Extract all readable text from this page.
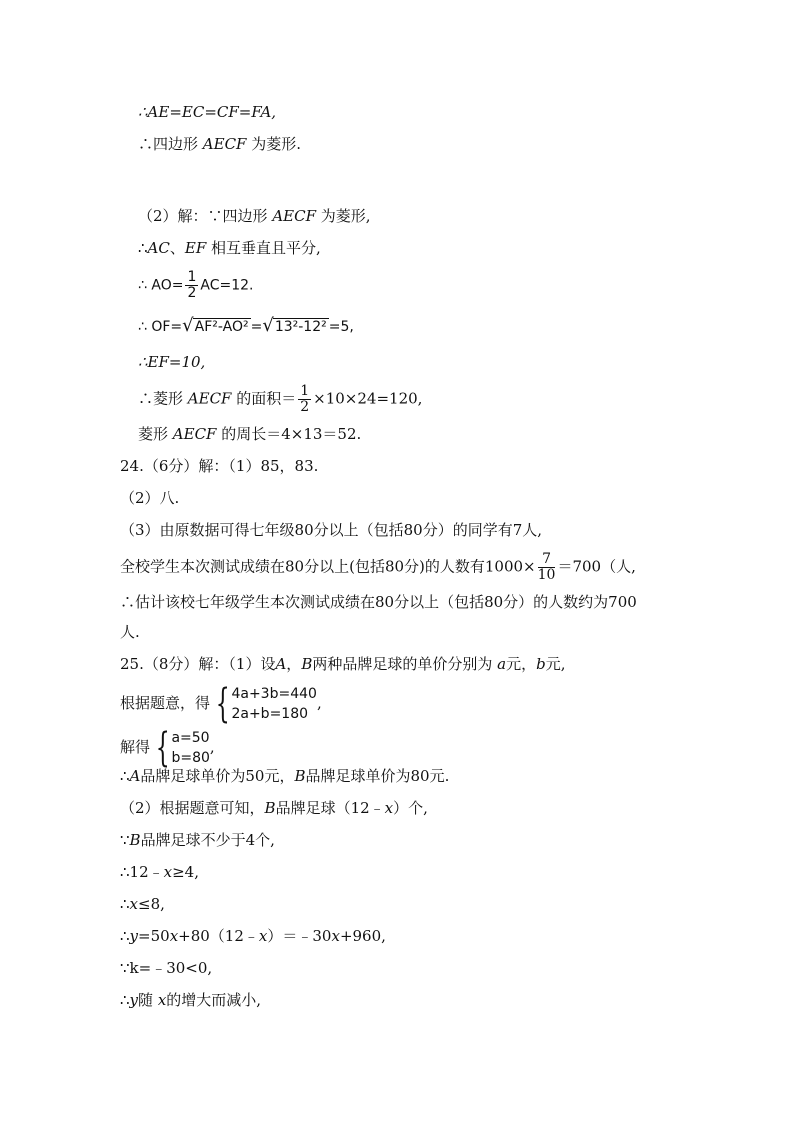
∴AE=EC=CF=FA,
∴四边形 AECF 为菱形.
（2）解：∵四边形 AECF 为菱形,
∴AC、EF 相互垂直且平分,
∴ $AO= \frac{1}{2} AC=12$.
∴ OF=√AF²-AO² =√13²-12² =5,
∴EF=10,
∴菱形 AECF 的面积＝ $\frac{1}{2} \times 10\times 24=120$,
菱形 AECF 的周长＝4×13＝52.
24.（6分）解：（1）85，83.
（2）八.
（3）由原数据可得七年级80分以上（包括80分）的同学有7人,
全校学生本次测试成绩在80分以上(包括80分)的人数有$1000\times \frac{7}{10} =700$（人,
∴估计该校七年级学生本次测试成绩在80分以上（包括80分）的人数约为700
人.
25.（8分）解：（1）设A，B两种品牌足球的单价分别为 a元，b元,
根据题意，得 { 4a+3b=440
2a+b=180
,
解得 { a=50
b=80
,
∴A品牌足球单价为50元，B品牌足球单价为80元.
（2）根据题意可知，B品牌足球（12﹣x）个,
∵B品牌足球不少于4个,
∴12﹣x≥4,
∴x≤8,
∴y=50x+80（12﹣x）＝﹣30x+960,
∵k=﹣30<0,
∴y随 x的增大而减小,
